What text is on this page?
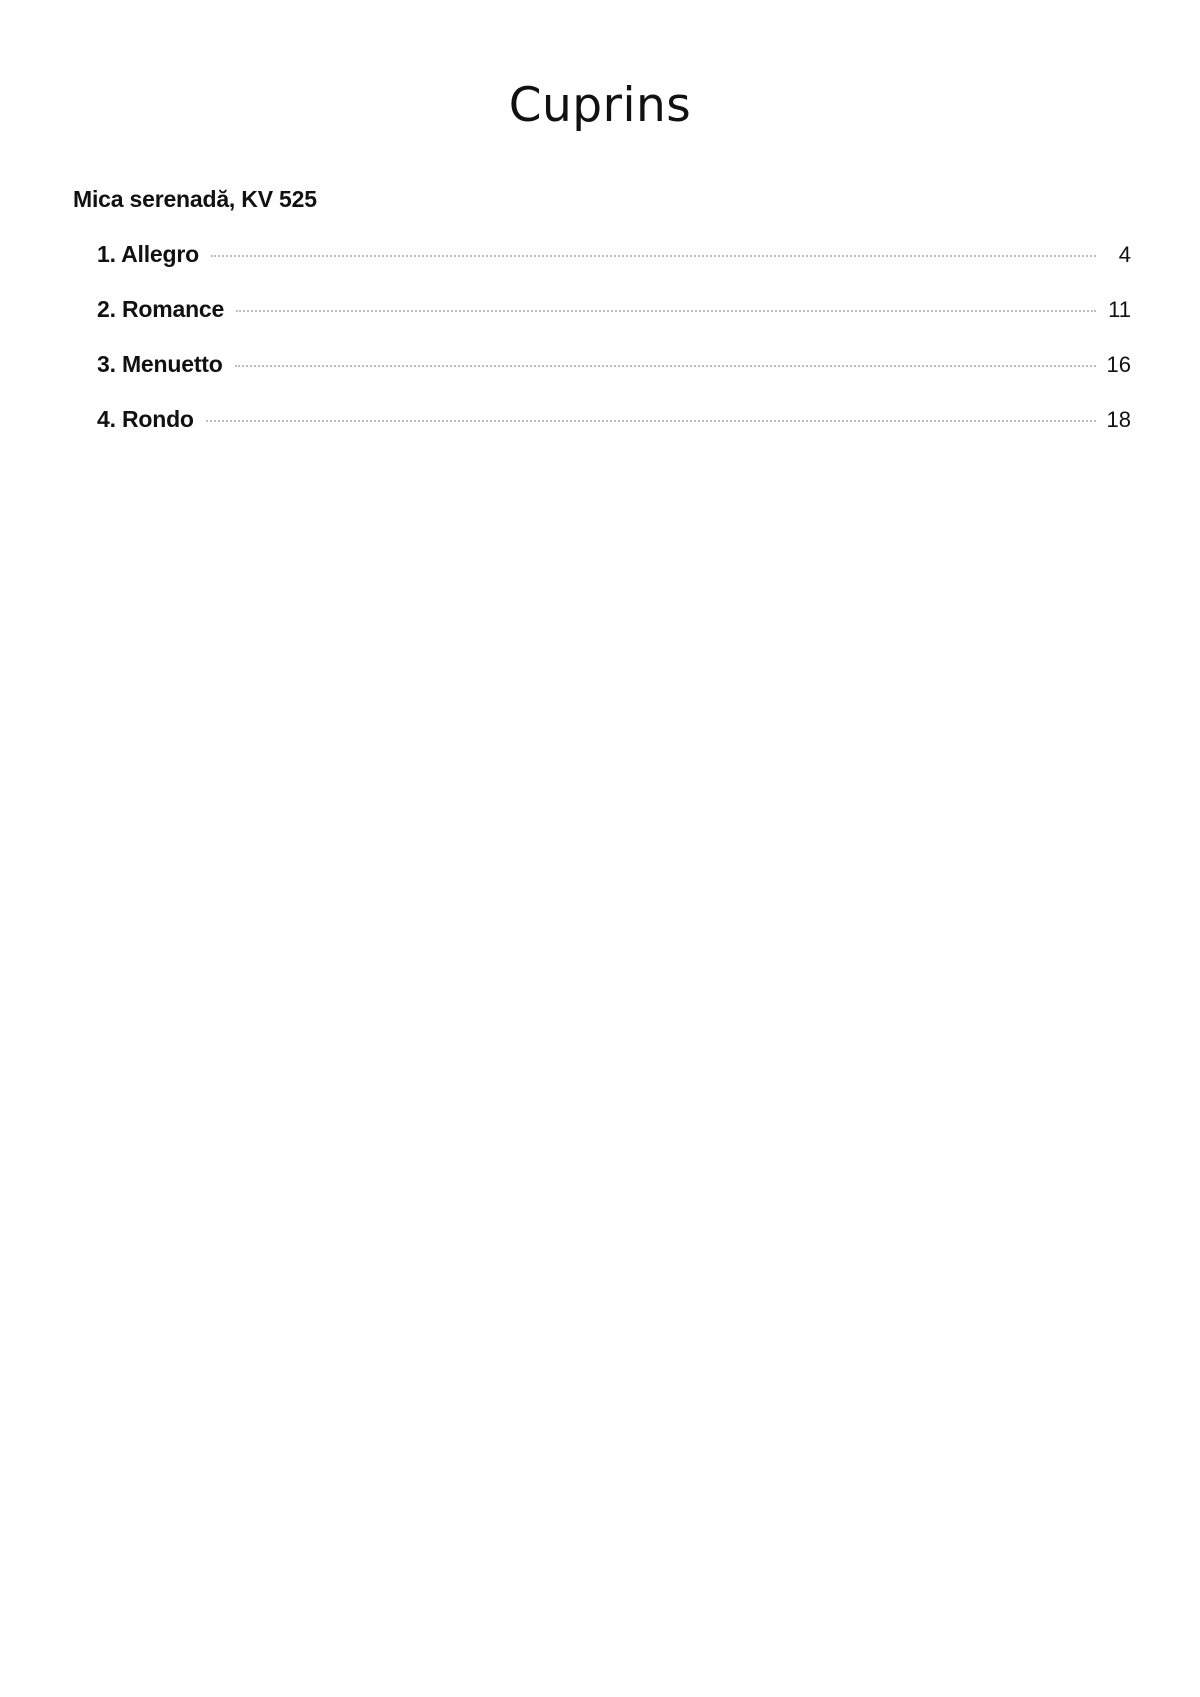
Cuprins
Mica serenadă, KV 525
1. Allegro	4
2. Romance	11
3. Menuetto	16
4. Rondo	18
